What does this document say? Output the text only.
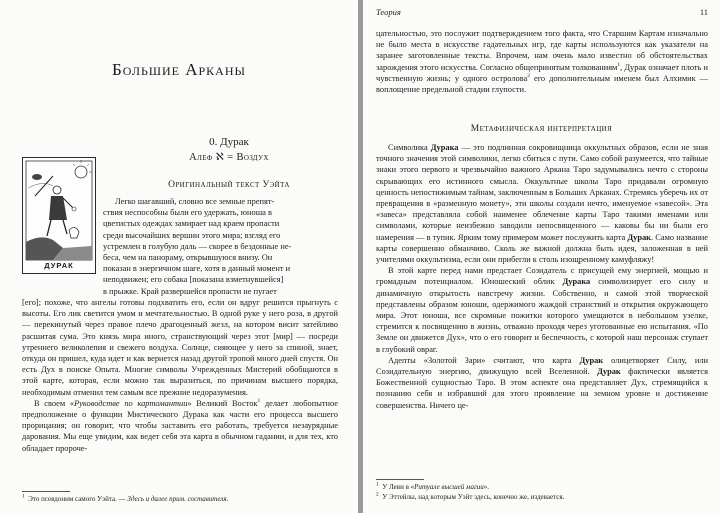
Большие Арканы
0. Дурак
Алеф ℵ = Воздух
Оригинальный текст Уэйта
ДУРАК
Легко шагавший, словно все земные препят-
ствия неспособны были его удержать, юноша в
цветистых одеждах замирает над краем пропасти
среди высочайших вершин этого мира; взгляд его
устремлен в голубую даль — скорее в бездонные не-
беса, чем на панораму, открывшуюся внизу. Он
показан в энергичном шаге, хотя в данный момент и
неподвижен; его собака [показана взметнувшейся]
в прыжке. Край развершейся пропасти не пугает

[его]; похоже, что ангелы готовы подхватить его, если он вдруг решится прыгнуть с высоты. Его лик светится умом и мечтательностью. В одной руке у него роза, в другой — перекинутый через правое плечо драгоценный жезл, на котором висит затейливо расшитая сума. Это князь мира иного, странствующий через этот [мир] — посреди утреннего великолепия и свежего воздуха. Солнце, сияющее у него за спиной, знает, откуда он пришел, куда идет и как вернется назад другой тропой много дней спустя. Он есть Дух в поиске Опыта. Многие символы Учрежденных Мистерий обобщаются в этой карте, которая, если можно так выразиться, по причинам высшего порядка, необходимым отменил тем самым все прежние недоразумения.

В своем «Руководстве по картомантии» Великий Восток$^1$ делает любопытное предположение о функции Мистического Дурака как части его процесса высшего прорицания; он говорит, что чтобы заставить его работать, требуется незаурядные дарования. Мы еще увидим, как ведет себя эта карта в обычном гадании, и для тех, кто обладает пророче-

$^1$ Это псевдоним самого Уэйта. — Здесь и далее прим. составителя.
Теория	11

цательностью, это послужит подтверждением того факта, что Старшим Картам изначально не было места в искусстве гадательных игр, где карты используются как указатели на заранее заготовленные тексты. Впрочем, нам очень мало известно об обстоятельствах зарождения этого искусства. Согласно общепринятым толкованиям$^1$, Дурак означает плоть и чувственную жизнь; у одного остролова$^2$ его дополнительным именем был Алхимик — воплощение предельной стадии глупости.

Метафизическая интерпретация

Символика Дурака — это подлинная сокровищница оккультных образов, если не зная точного значения этой символики, легко сбиться с пути. Само собой разумеется, что тайные знаки этого первого и чрезвычайно важного Аркана Таро задумывались нечто с стороны скрывающих его истинного смысла. Оккультные школы Таро придавали огромную ценность непостижимым тайнам, заключенным в Больших Арканах. Стремясь уберечь их от превращения в «разменную монету», эти школы создали нечто, именуемое «завесой». Эта «завеса» представляла собой наименее облечение карты Таро такими именами или символами, которые неизбежно заводили непосвященного — каковы бы ни были его намерения — в тупик. Ярким тому примером может послужить карта Дурак. Само название карты совершенно обманчиво. Сколь же важной должна быть идея, заложенная в ней учителями оккультизма, если они прибегли к столь изощренному камуфляжу!

В этой карте перед нами предстает Созидатель с присущей ему энергией, мощью и громадным потенциалом. Юношеский облик Дурака символизирует его силу и динамичную открытость навстречу жизни. Собственно, и самой этой творческой представлены образом юноши, одержимого жаждой странствий и открытия окружающего мира. Этот юноша, все скромные пожитки которого умещаются в небольшом узелке, стремится к посвящению в жизнь, отважно проходя через уготованные ею испытания. «По Земле он движется Дух», что о его говорит и беспечность, с которой наш персонаж ступает в глубокий овраг.

Адепты «Золотой Зари» считают, что карта Дурак олицетворяет Силу, или Созидательную энергию, движущую всей Вселенной. Дурак фактически является Божественной сущностью Таро. В этом аспекте она представляет Дух, стремящийся к познанию себя и избравший для этого проявление на земном уровне и достижение совершенства. Ничего це-

$^1$ У Леви в «Ритуале высшей магии».
$^2$ У Эттейлы, над которым Уэйт здесь, конечно же, издевается.
